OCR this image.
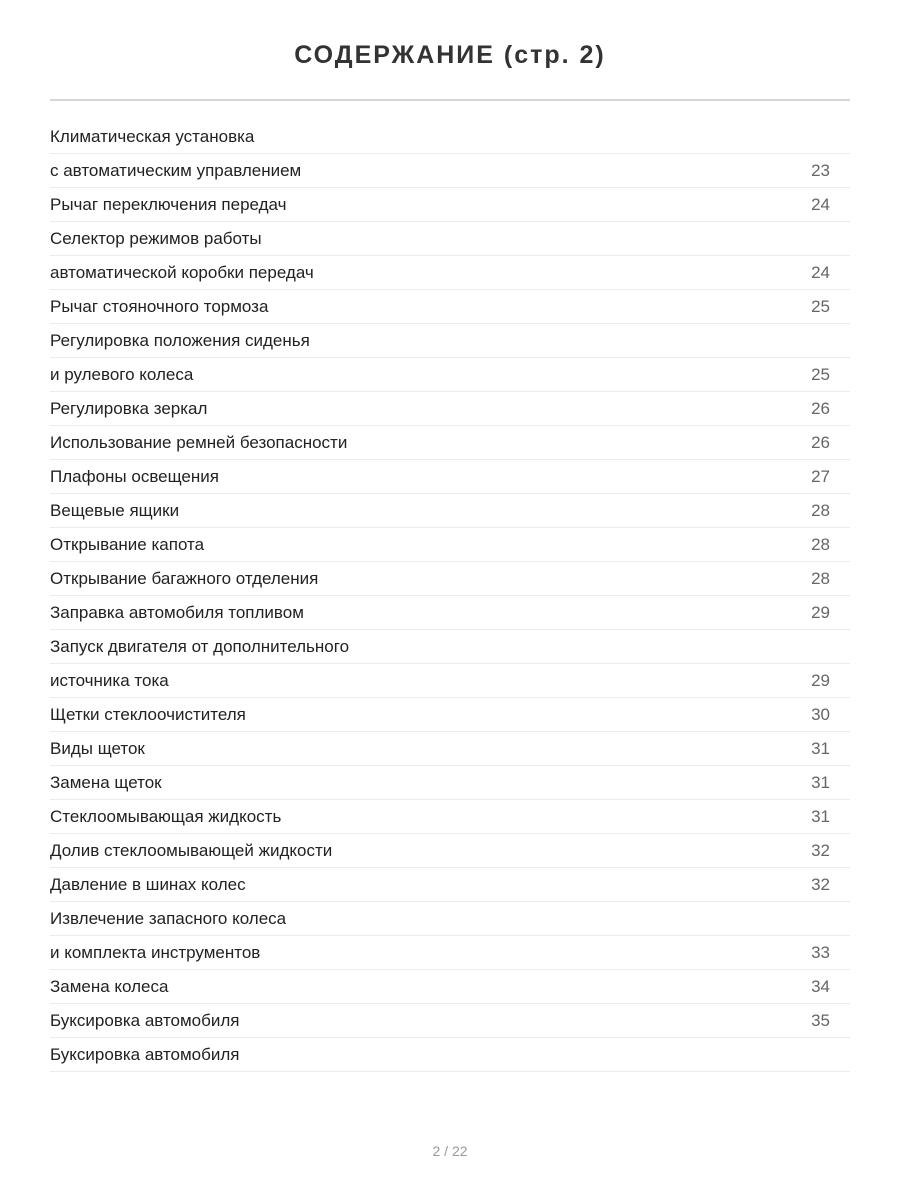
СОДЕРЖАНИЕ (стр. 2)
Климатическая установка
с автоматическим управлением	23
Рычаг переключения передач	24
Селектор режимов работы
автоматической коробки передач	24
Рычаг стояночного тормоза	25
Регулировка положения сиденья
и рулевого колеса	25
Регулировка зеркал	26
Использование ремней безопасности	26
Плафоны освещения	27
Вещевые ящики	28
Открывание капота	28
Открывание багажного отделения	28
Заправка автомобиля топливом	29
Запуск двигателя от дополнительного
источника тока	29
Щетки стеклоочистителя	30
Виды щеток	31
Замена щеток	31
Стеклоомывающая жидкость	31
Долив стеклоомывающей жидкости	32
Давление в шинах колес	32
Извлечение запасного колеса
и комплекта инструментов	33
Замена колеса	34
Буксировка автомобиля	35
Буксировка автомобиля
2 / 22
